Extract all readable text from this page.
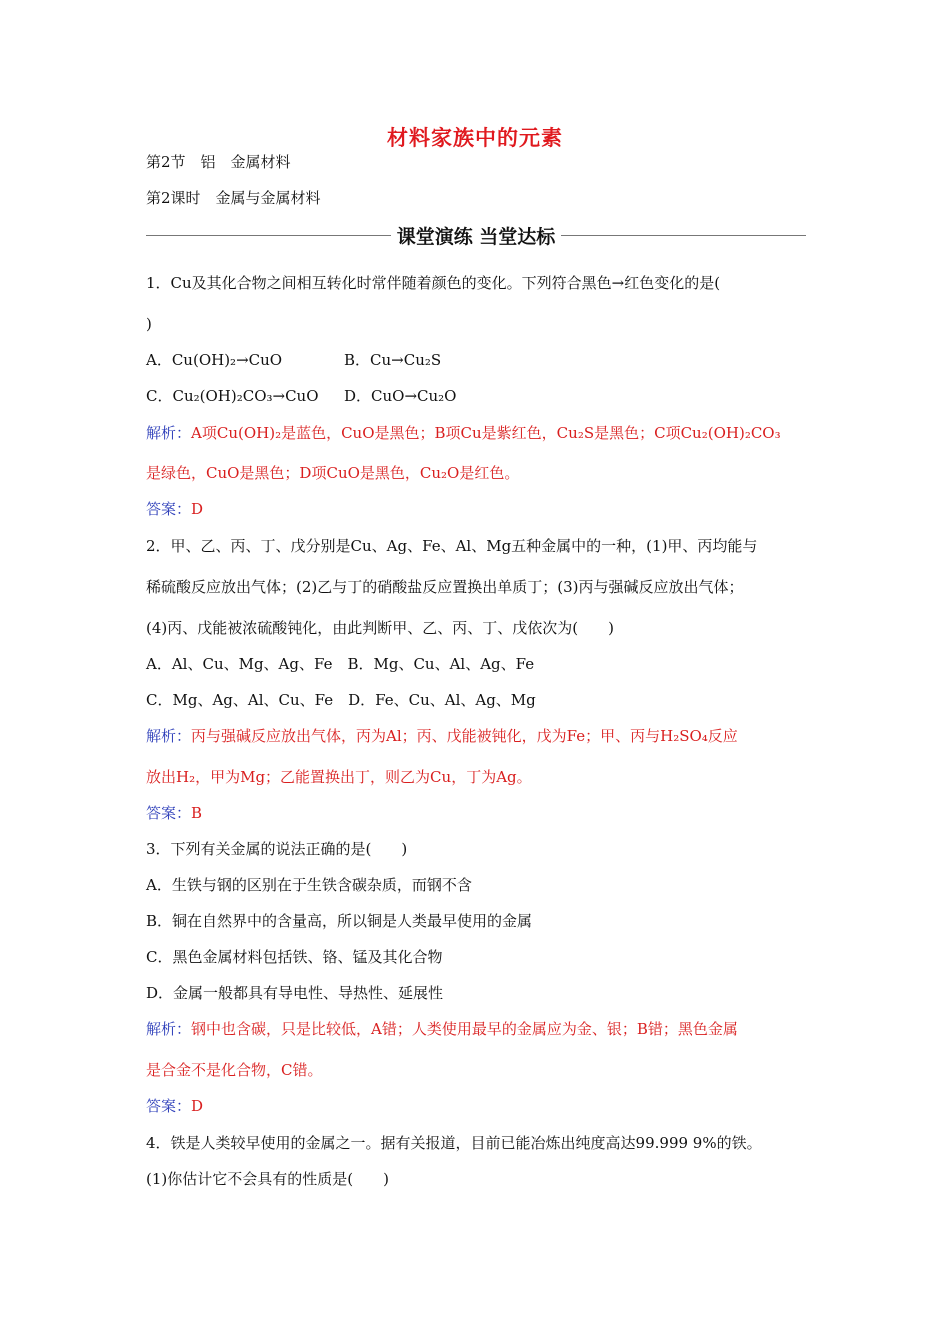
材料家族中的元素
第2节　铝　金属材料
第2课时　金属与金属材料
课堂演练 当堂达标
1．Cu及其化合物之间相互转化时常伴随着颜色的变化。下列符合黑色→红色变化的是(
)
A．Cu(OH)₂→CuO	B．Cu→Cu₂S
C．Cu₂(OH)₂CO₃→CuO D．CuO→Cu₂O
解析：A项Cu(OH)₂是蓝色，CuO是黑色；B项Cu是紫红色，Cu₂S是黑色；C项Cu₂(OH)₂CO₃
是绿色，CuO是黑色；D项CuO是黑色，Cu₂O是红色。
答案：D
2．甲、乙、丙、丁、戊分别是Cu、Ag、Fe、Al、Mg五种金属中的一种，(1)甲、丙均能与
稀硫酸反应放出气体；(2)乙与丁的硝酸盐反应置换出单质丁；(3)丙与强碱反应放出气体；
(4)丙、戊能被浓硫酸钝化，由此判断甲、乙、丙、丁、戊依次为(　　)
A．Al、Cu、Mg、Ag、Fe　B．Mg、Cu、Al、Ag、Fe
C．Mg、Ag、Al、Cu、Fe　D．Fe、Cu、Al、Ag、Mg
解析：丙与强碱反应放出气体，丙为Al；丙、戊能被钝化，戊为Fe；甲、丙与H₂SO₄反应
放出H₂，甲为Mg；乙能置换出丁，则乙为Cu，丁为Ag。
答案：B
3．下列有关金属的说法正确的是(　　)
A．生铁与钢的区别在于生铁含碳杂质，而钢不含
B．铜在自然界中的含量高，所以铜是人类最早使用的金属
C．黑色金属材料包括铁、铬、锰及其化合物
D．金属一般都具有导电性、导热性、延展性
解析：钢中也含碳，只是比较低，A错；人类使用最早的金属应为金、银；B错；黑色金属
是合金不是化合物，C错。
答案：D
4．铁是人类较早使用的金属之一。据有关报道，目前已能冶炼出纯度高达99.999 9%的铁。
(1)你估计它不会具有的性质是(　　)
